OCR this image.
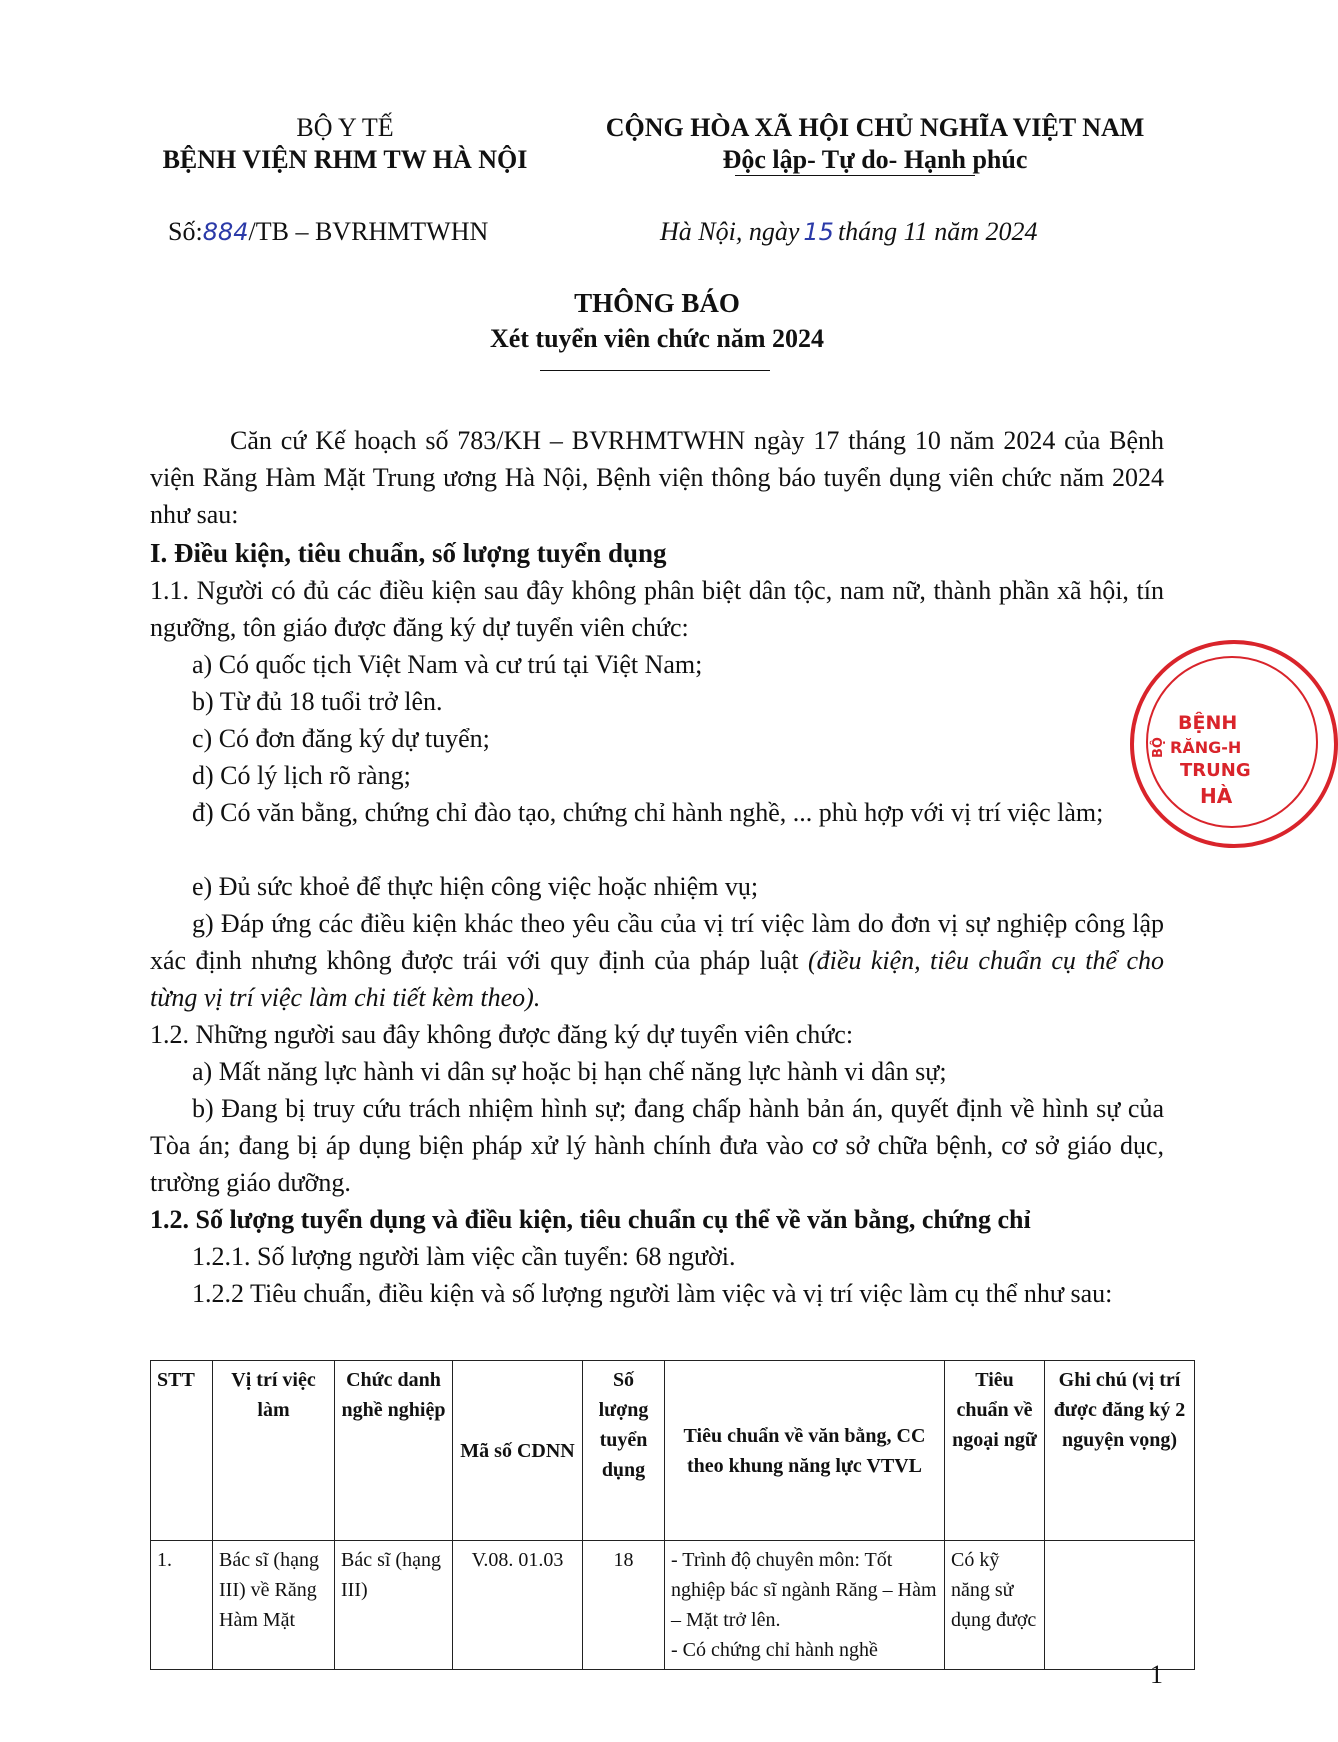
BỘ Y TẾ
BỆNH VIỆN RHM TW HÀ NỘI
CỘNG HÒA XÃ HỘI CHỦ NGHĨA VIỆT NAM
Độc lập- Tự do- Hạnh phúc
Số:884/TB – BVRHMTWHN	Hà Nội, ngày 15 tháng 11 năm 2024
THÔNG BÁO
Xét tuyển viên chức năm 2024
Căn cứ Kế hoạch số 783/KH – BVRHMTWHN ngày 17 tháng 10 năm 2024 của Bệnh viện Răng Hàm Mặt Trung ương Hà Nội, Bệnh viện thông báo tuyển dụng viên chức năm 2024 như sau:
I. Điều kiện, tiêu chuẩn, số lượng tuyển dụng
1.1. Người có đủ các điều kiện sau đây không phân biệt dân tộc, nam nữ, thành phần xã hội, tín ngưỡng, tôn giáo được đăng ký dự tuyển viên chức:
a) Có quốc tịch Việt Nam và cư trú tại Việt Nam;
b) Từ đủ 18 tuổi trở lên.
c) Có đơn đăng ký dự tuyển;
d) Có lý lịch rõ ràng;
đ) Có văn bằng, chứng chỉ đào tạo, chứng chỉ hành nghề, ... phù hợp với vị trí việc làm;
e) Đủ sức khoẻ để thực hiện công việc hoặc nhiệm vụ;
g) Đáp ứng các điều kiện khác theo yêu cầu của vị trí việc làm do đơn vị sự nghiệp công lập xác định nhưng không được trái với quy định của pháp luật (điều kiện, tiêu chuẩn cụ thể cho từng vị trí việc làm chi tiết kèm theo).
1.2. Những người sau đây không được đăng ký dự tuyển viên chức:
a) Mất năng lực hành vi dân sự hoặc bị hạn chế năng lực hành vi dân sự;
b) Đang bị truy cứu trách nhiệm hình sự; đang chấp hành bản án, quyết định về hình sự của Tòa án; đang bị áp dụng biện pháp xử lý hành chính đưa vào cơ sở chữa bệnh, cơ sở giáo dục, trường giáo dưỡng.
1.2. Số lượng tuyển dụng và điều kiện, tiêu chuẩn cụ thể về văn bằng, chứng chỉ
1.2.1. Số lượng người làm việc cần tuyển: 68 người.
1.2.2 Tiêu chuẩn, điều kiện và số lượng người làm việc và vị trí việc làm cụ thể như sau:
STT	Vị trí việc làm	Chức danh nghề nghiệp	Mã số CDNN	Số lượng tuyển dụng	Tiêu chuẩn về văn bằng, CC theo khung năng lực VTVL	Tiêu chuẩn về ngoại ngữ	Ghi chú (vị trí được đăng ký 2 nguyện vọng)
1.	Bác sĩ (hạng III) về Răng Hàm Mặt	Bác sĩ (hạng III)	V.08. 01.03	18	- Trình độ chuyên môn: Tốt nghiệp bác sĩ ngành Răng – Hàm – Mặt trở lên.
- Có chứng chỉ hành nghề	Có kỹ năng sử dụng được	
BỆNH
RĂNG-H
TRUNG
HÀ
BỘ
1
